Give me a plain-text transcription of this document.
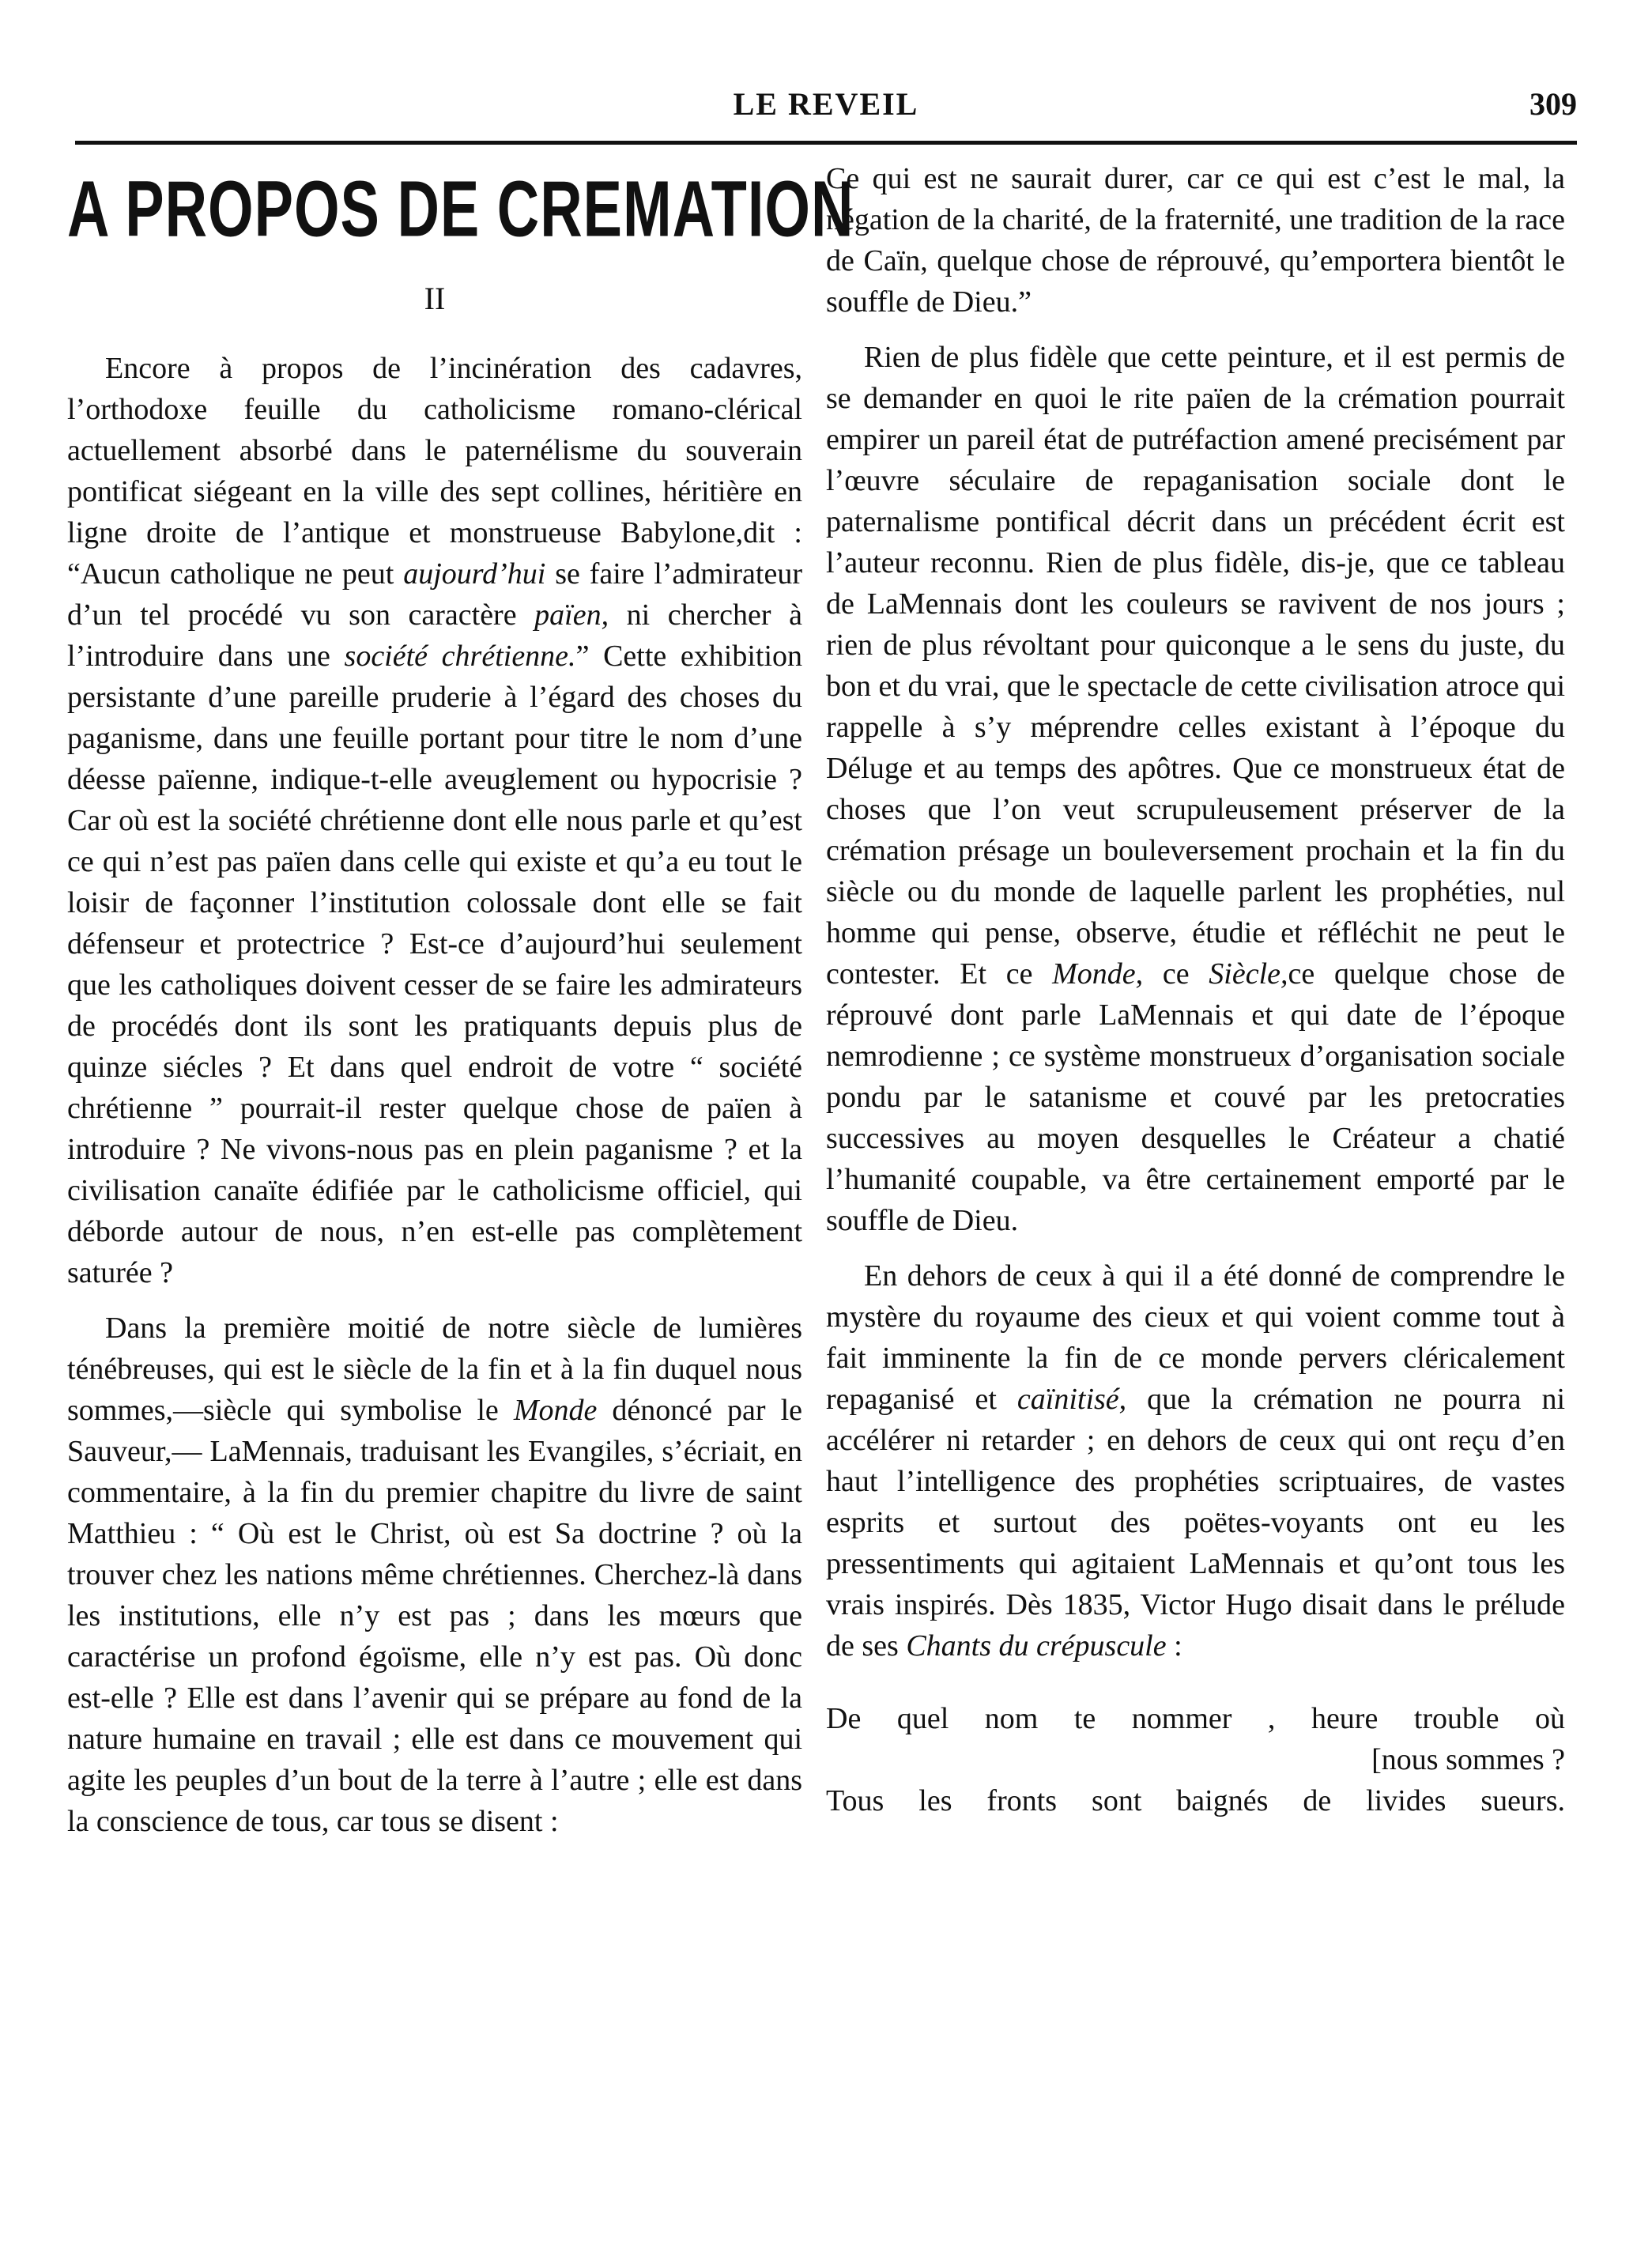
LE REVEIL	309
A PROPOS DE CREMATION
II

Encore à propos de l’incinération des cadavres, l’orthodoxe feuille du catholicisme romano-clérical actuellement absorbé dans le paternélisme du souverain pontificat siégeant en la ville des sept collines, héritière en ligne droite de l’antique et monstrueuse Babylone,dit : “Aucun catholique ne peut aujourd’hui se faire l’admirateur d’un tel procédé vu son caractère païen, ni chercher à l’introduire dans une société chrétienne.” Cette exhibition persistante d’une pareille pruderie à l’égard des choses du paganisme, dans une feuille portant pour titre le nom d’une déesse païenne, indique-t-elle aveuglement ou hypocrisie ? Car où est la société chrétienne dont elle nous parle et qu’est ce qui n’est pas païen dans celle qui existe et qu’a eu tout le loisir de façonner l’institution colossale dont elle se fait défenseur et protectrice ? Est-ce d’aujourd’hui seulement que les catholiques doivent cesser de se faire les admirateurs de procédés dont ils sont les pratiquants depuis plus de quinze siécles ? Et dans quel endroit de votre “ société chrétienne ” pourrait-il rester quelque chose de païen à introduire ? Ne vivons-nous pas en plein paganisme ? et la civilisation canaïte édifiée par le catholicisme officiel, qui déborde autour de nous, n’en est-elle pas complètement saturée ?

Dans la première moitié de notre siècle de lumières ténébreuses, qui est le siècle de la fin et à la fin duquel nous sommes,—siècle qui symbolise le Monde dénoncé par le Sauveur,— LaMennais, traduisant les Evangiles, s’écriait, en commentaire, à la fin du premier chapitre du livre de saint Matthieu : “ Où est le Christ, où est Sa doctrine ? où la trouver chez les nations même chrétiennes. Cherchez-là dans les institutions, elle n’y est pas ; dans les mœurs que caractérise un profond égoïsme, elle n’y est pas. Où donc est-elle ? Elle est dans l’avenir qui se prépare au fond de la nature humaine en travail ; elle est dans ce mouvement qui agite les peuples d’un bout de la terre à l’autre ; elle est dans la conscience de tous, car tous se disent :

Ce qui est ne saurait durer, car ce qui est c’est le mal, la négation de la charité, de la fraternité, une tradition de la race de Caïn, quelque chose de réprouvé, qu’emportera bientôt le souffle de Dieu.”

Rien de plus fidèle que cette peinture, et il est permis de se demander en quoi le rite païen de la crémation pourrait empirer un pareil état de putréfaction amené precisément par l’œuvre séculaire de repaganisation sociale dont le paternalisme pontifical décrit dans un précédent écrit est l’auteur reconnu. Rien de plus fidèle, dis-je, que ce tableau de LaMennais dont les couleurs se ravivent de nos jours ; rien de plus révoltant pour quiconque a le sens du juste, du bon et du vrai, que le spectacle de cette civilisation atroce qui rappelle à s’y méprendre celles existant à l’époque du Déluge et au temps des apôtres. Que ce monstrueux état de choses que l’on veut scrupuleusement préserver de la crémation présage un bouleversement prochain et la fin du siècle ou du monde de laquelle parlent les prophéties, nul homme qui pense, observe, étudie et réfléchit ne peut le contester. Et ce Monde, ce Siècle,ce quelque chose de réprouvé dont parle LaMennais et qui date de l’époque nemrodienne ; ce système monstrueux d’organisation sociale pondu par le satanisme et couvé par les pretocraties successives au moyen desquelles le Créateur a chatié l’humanité coupable, va être certainement emporté par le souffle de Dieu.

En dehors de ceux à qui il a été donné de comprendre le mystère du royaume des cieux et qui voient comme tout à fait imminente la fin de ce monde pervers cléricalement repaganisé et caïnitisé, que la crémation ne pourra ni accélérer ni retarder ; en dehors de ceux qui ont reçu d’en haut l’intelligence des prophéties scriptuaires, de vastes esprits et surtout des poëtes-voyants ont eu les pressentiments qui agitaient LaMennais et qu’ont tous les vrais inspirés. Dès 1835, Victor Hugo disait dans le prélude de ses Chants du crépuscule :

De quel nom te nommer , heure trouble où
[nous sommes ?
Tous les fronts sont baignés de livides sueurs.
